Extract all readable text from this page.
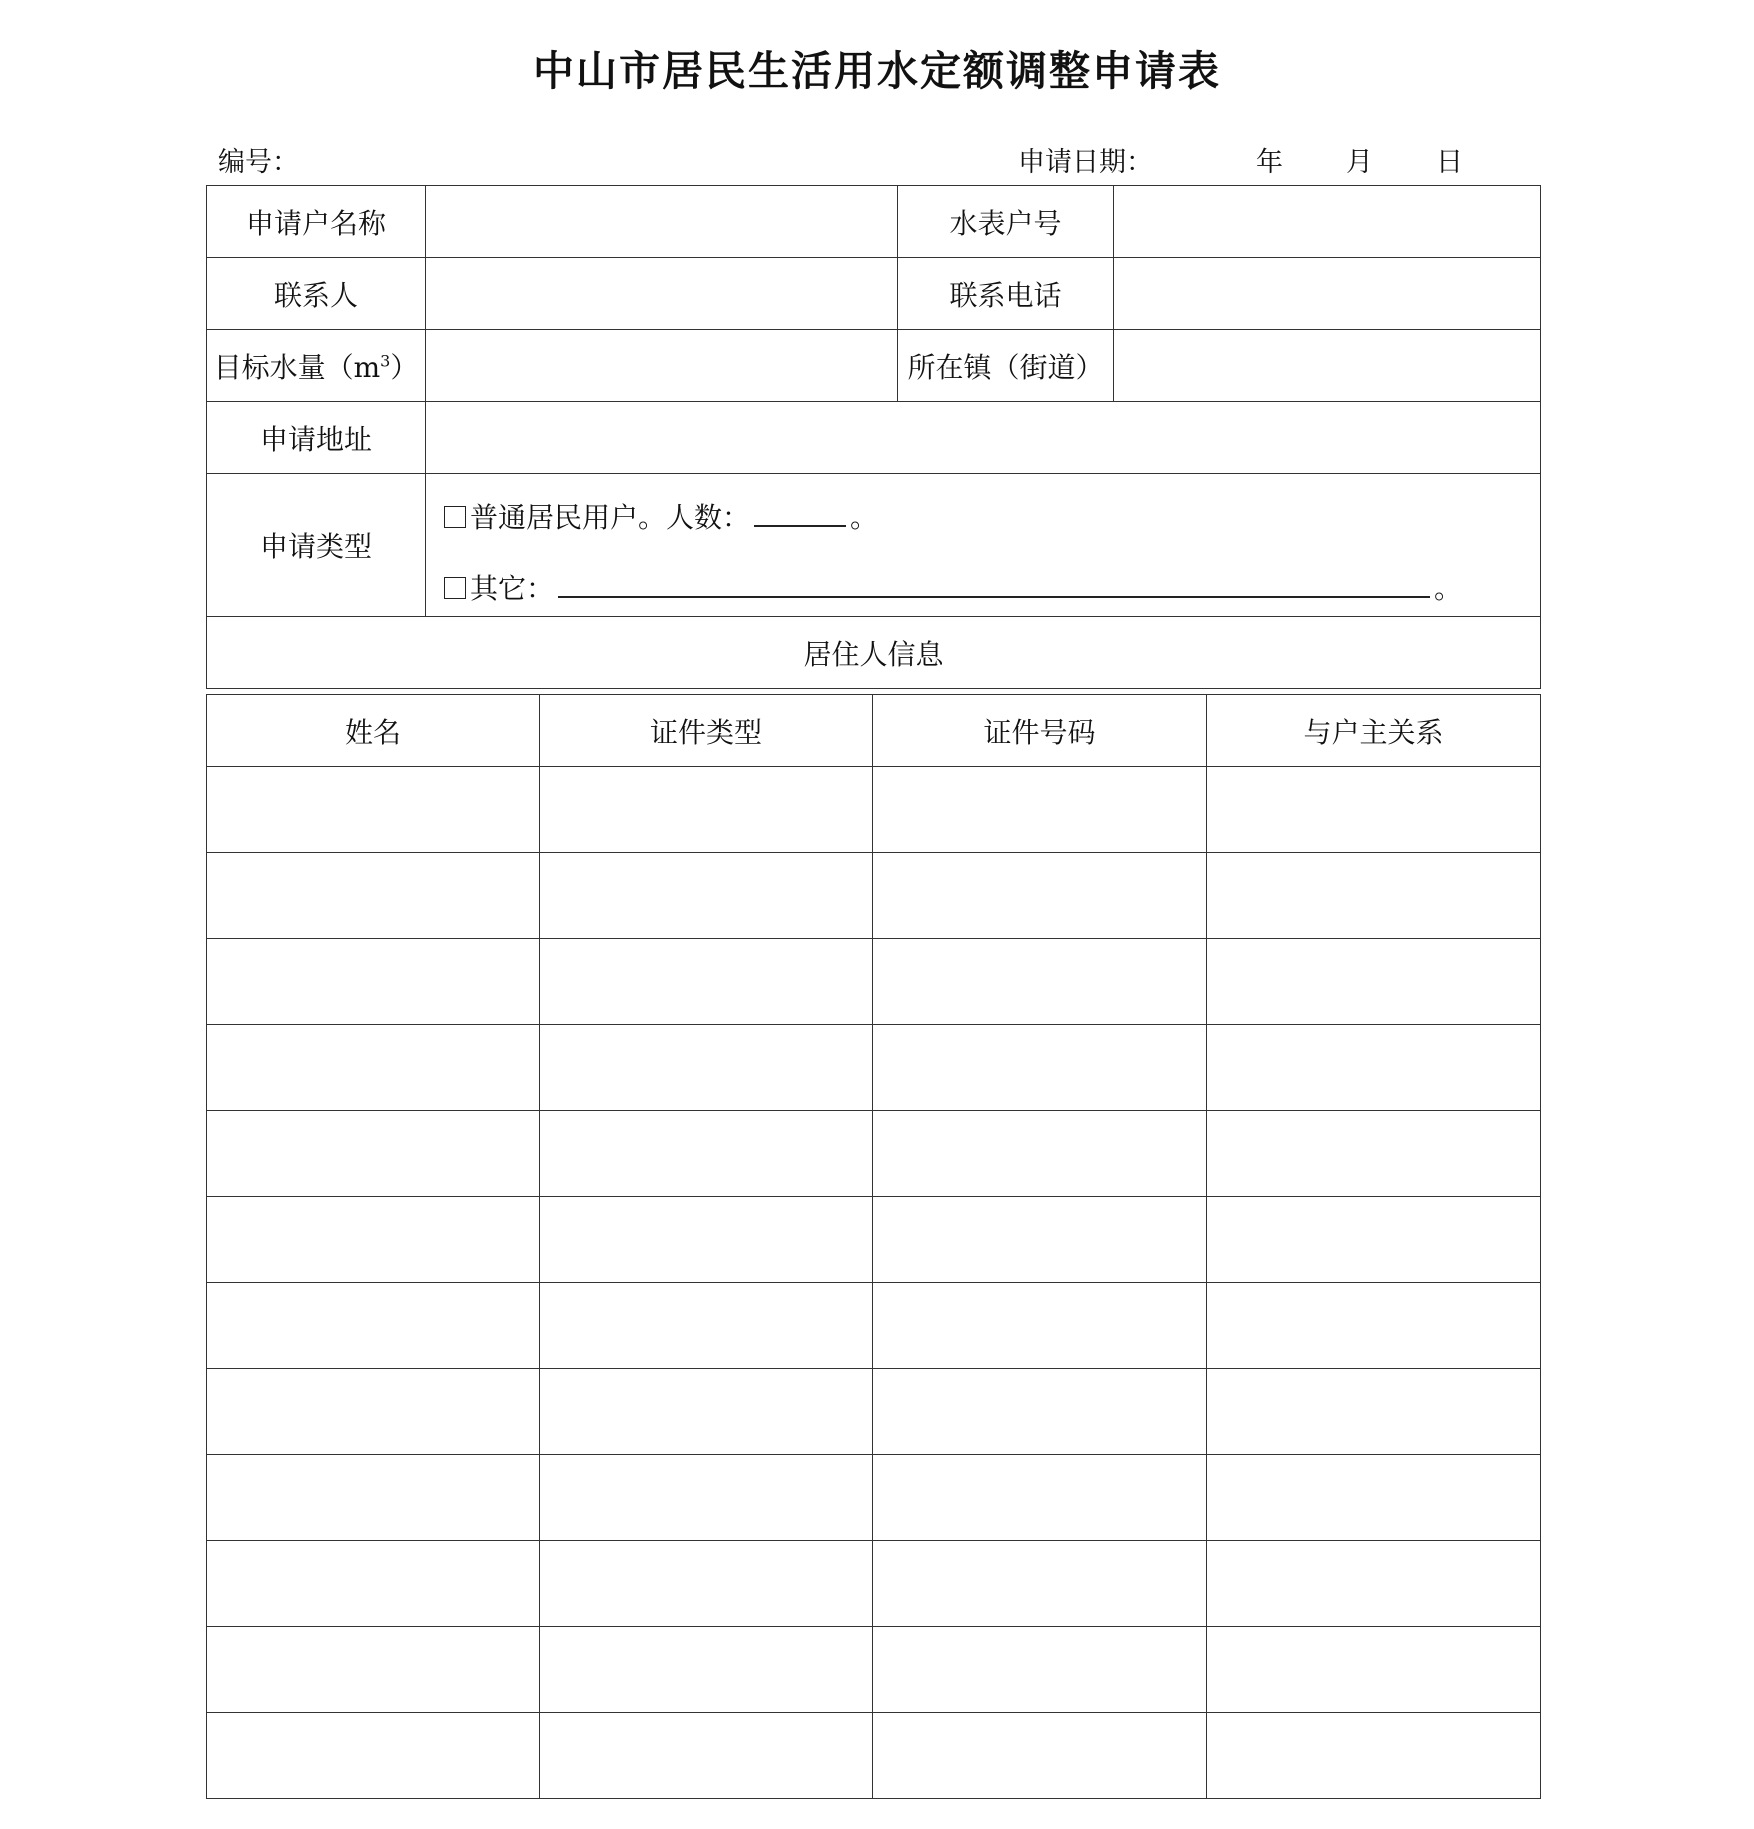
中山市居民生活用水定额调整申请表
编号：	申请日期：	年 月 日
申请户名称		水表户号	
联系人		联系电话	
目标水量$(m^3)$		所在镇（街道）	
申请地址			
申请类型	普通居民用户。人数： 。
其它： 。		

居住人信息			
姓名	证件类型	证件号码	与户主关系
